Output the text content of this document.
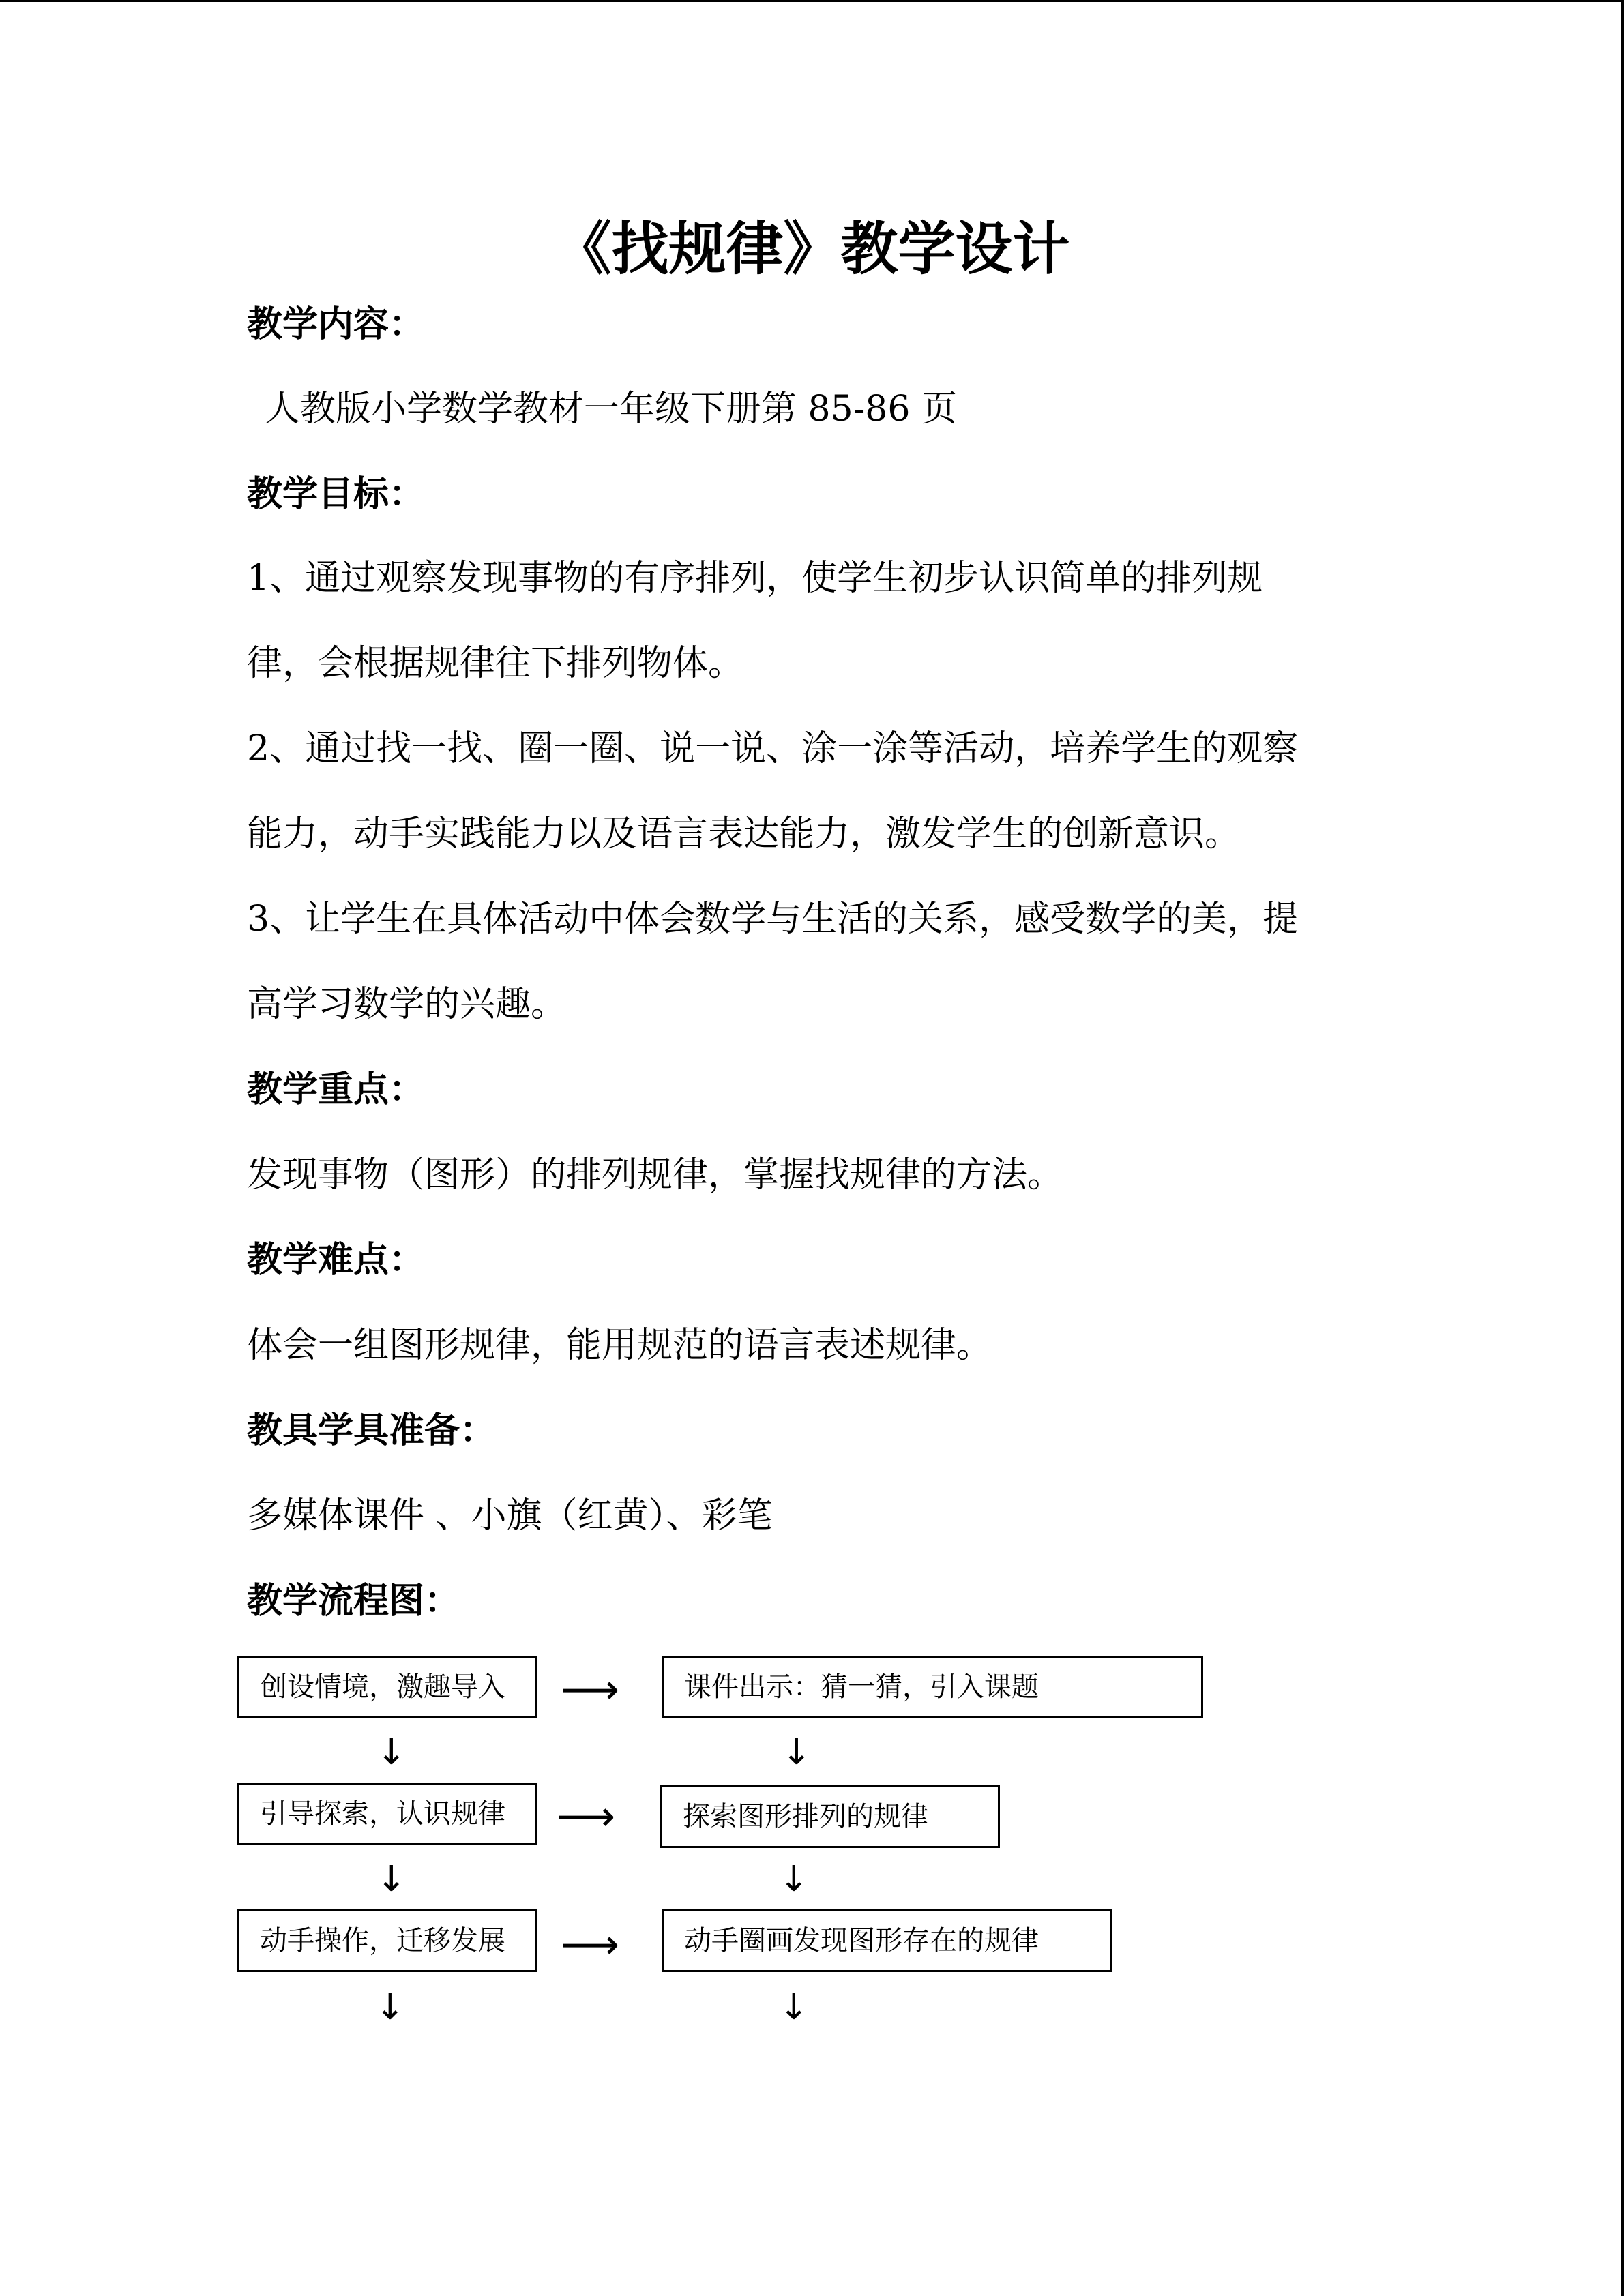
《找规律》教学设计
教学内容：
人教版小学数学教材一年级下册第 85-86 页
教学目标：
1、通过观察发现事物的有序排列，使学生初步认识简单的排列规
律，会根据规律往下排列物体。
2、通过找一找、圈一圈、说一说、涂一涂等活动，培养学生的观察
能力，动手实践能力以及语言表达能力，激发学生的创新意识。
3、让学生在具体活动中体会数学与生活的关系，感受数学的美，提
高学习数学的兴趣。
教学重点：
发现事物（图形）的排列规律，掌握找规律的方法。
教学难点：
体会一组图形规律，能用规范的语言表述规律。
教具学具准备：
多媒体课件 、小旗（红黄）、彩笔
教学流程图：
创设情境，激趣导入	⟶	课件出示：猜一猜，引入课题
↓	↓
引导探索，认识规律	⟶	探索图形排列的规律
↓	↓
动手操作，迁移发展	⟶	动手圈画发现图形存在的规律
↓	↓
